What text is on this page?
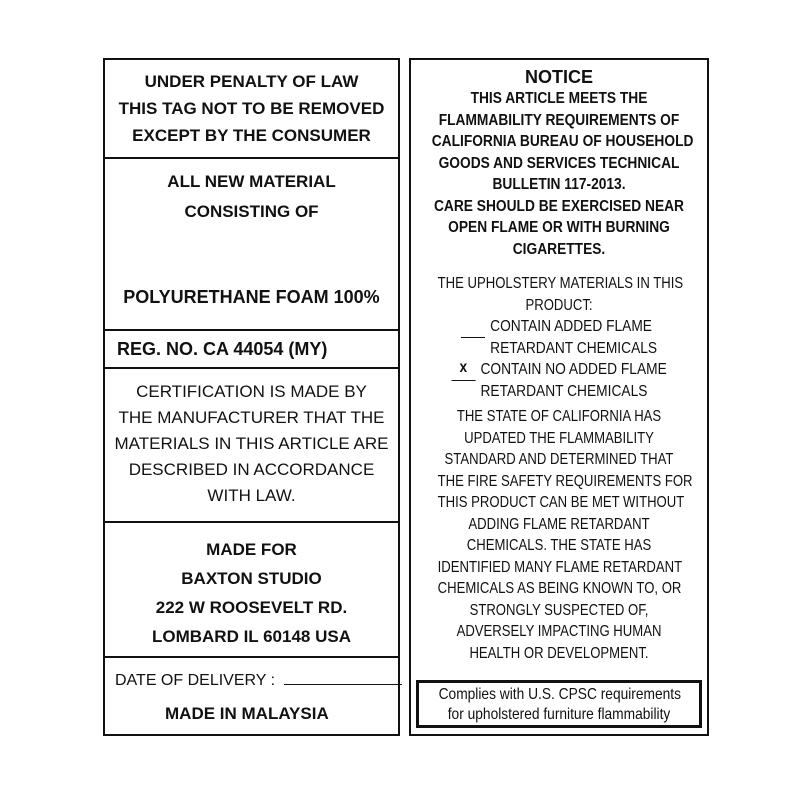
UNDER PENALTY OF LAW
THIS TAG NOT TO BE REMOVED
EXCEPT BY THE CONSUMER
ALL NEW MATERIAL
CONSISTING OF
POLYURETHANE FOAM 100%
REG. NO. CA 44054 (MY)
CERTIFICATION IS MADE BY
THE MANUFACTURER THAT THE
MATERIALS IN THIS ARTICLE ARE
DESCRIBED IN ACCORDANCE
WITH LAW.
MADE FOR
BAXTON STUDIO
222 W ROOSEVELT RD.
LOMBARD IL 60148 USA
DATE OF DELIVERY :
MADE IN MALAYSIA
NOTICE
THIS ARTICLE MEETS THE
FLAMMABILITY REQUIREMENTS OF
CALIFORNIA BUREAU OF HOUSEHOLD
GOODS AND SERVICES TECHNICAL
BULLETIN 117-2013.
CARE SHOULD BE EXERCISED NEAR
OPEN FLAME OR WITH BURNING
CIGARETTES.
THE UPHOLSTERY MATERIALS IN THIS
PRODUCT:
CONTAIN ADDED FLAME
RETARDANT CHEMICALS
x CONTAIN NO ADDED FLAME
RETARDANT CHEMICALS
THE STATE OF CALIFORNIA HAS
UPDATED THE FLAMMABILITY
STANDARD AND DETERMINED THAT
THE FIRE SAFETY REQUIREMENTS FOR
THIS PRODUCT CAN BE MET WITHOUT
ADDING FLAME RETARDANT
CHEMICALS. THE STATE HAS
IDENTIFIED MANY FLAME RETARDANT
CHEMICALS AS BEING KNOWN TO, OR
STRONGLY SUSPECTED OF,
ADVERSELY IMPACTING HUMAN
HEALTH OR DEVELOPMENT.
Complies with U.S. CPSC requirements
for upholstered furniture flammability
